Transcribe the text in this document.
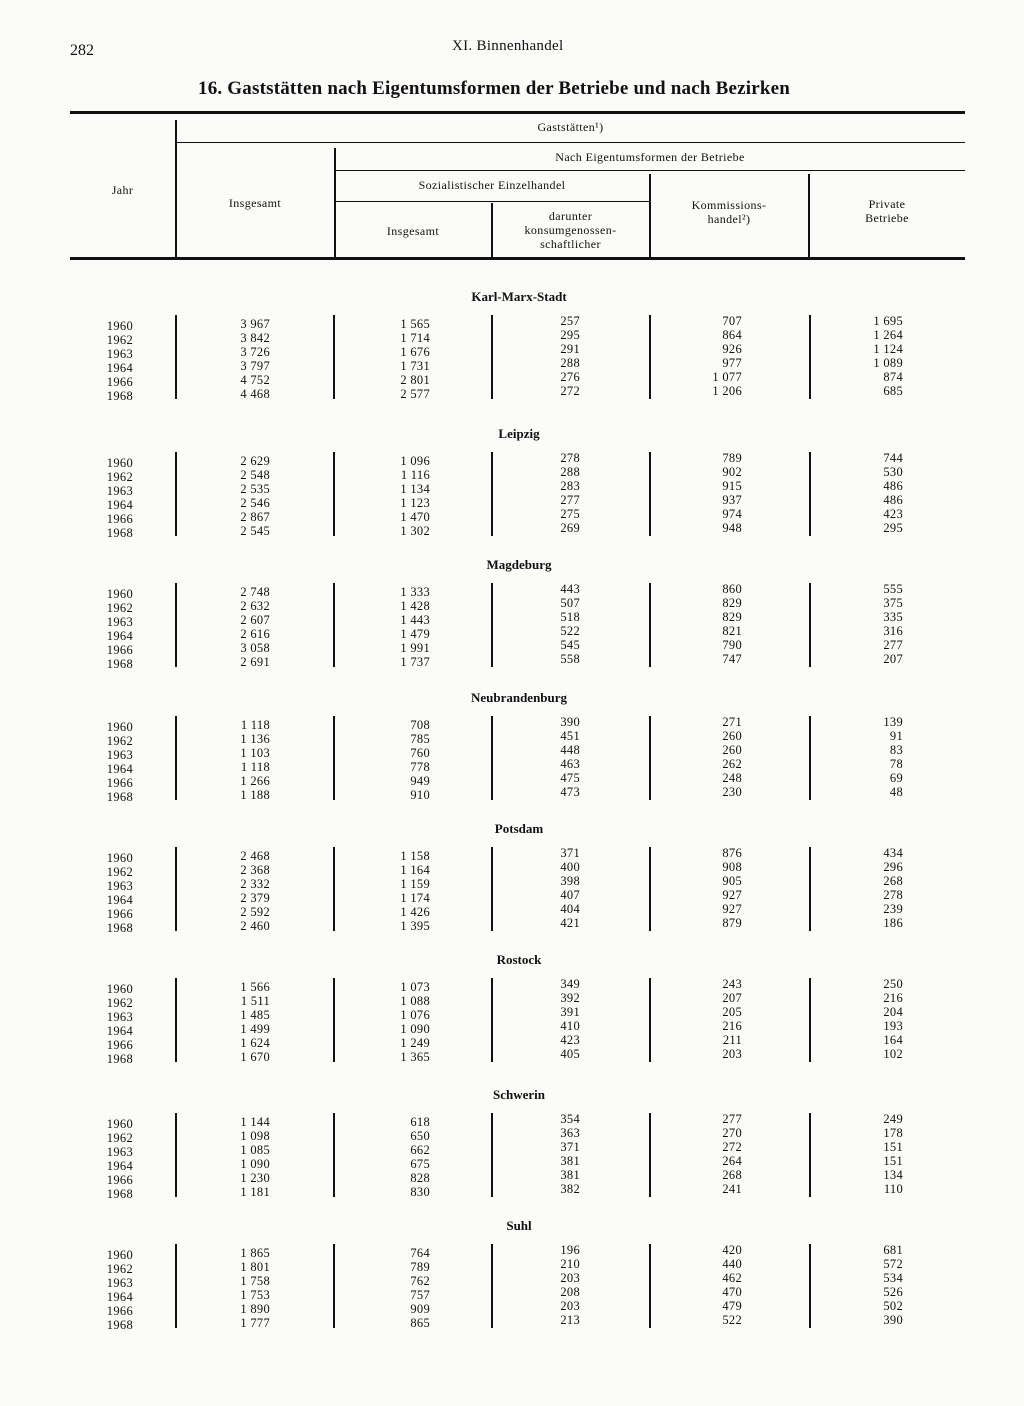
282	XI. Binnenhandel
16. Gaststätten nach Eigentumsformen der Betriebe und nach Bezirken
Jahr
Gaststätten¹)
Insgesamt
Nach Eigentumsformen der Betriebe
Sozialistischer Einzelhandel
Insgesamt
darunter
konsumgenossen-
schaftlicher
Kommissions-
handel²)
Private
Betriebe
Karl-Marx-Stadt
1960	3 967	1 565	257	707	1 695
1962	3 842	1 714	295	864	1 264
1963	3 726	1 676	291	926	1 124
1964	3 797	1 731	288	977	1 089
1966	4 752	2 801	276	1 077	874
1968	4 468	2 577	272	1 206	685
Leipzig
1960	2 629	1 096	278	789	744
1962	2 548	1 116	288	902	530
1963	2 535	1 134	283	915	486
1964	2 546	1 123	277	937	486
1966	2 867	1 470	275	974	423
1968	2 545	1 302	269	948	295
Magdeburg
1960	2 748	1 333	443	860	555
1962	2 632	1 428	507	829	375
1963	2 607	1 443	518	829	335
1964	2 616	1 479	522	821	316
1966	3 058	1 991	545	790	277
1968	2 691	1 737	558	747	207
Neubrandenburg
1960	1 118	708	390	271	139
1962	1 136	785	451	260	91
1963	1 103	760	448	260	83
1964	1 118	778	463	262	78
1966	1 266	949	475	248	69
1968	1 188	910	473	230	48
Potsdam
1960	2 468	1 158	371	876	434
1962	2 368	1 164	400	908	296
1963	2 332	1 159	398	905	268
1964	2 379	1 174	407	927	278
1966	2 592	1 426	404	927	239
1968	2 460	1 395	421	879	186
Rostock
1960	1 566	1 073	349	243	250
1962	1 511	1 088	392	207	216
1963	1 485	1 076	391	205	204
1964	1 499	1 090	410	216	193
1966	1 624	1 249	423	211	164
1968	1 670	1 365	405	203	102
Schwerin
1960	1 144	618	354	277	249
1962	1 098	650	363	270	178
1963	1 085	662	371	272	151
1964	1 090	675	381	264	151
1966	1 230	828	381	268	134
1968	1 181	830	382	241	110
Suhl
1960	1 865	764	196	420	681
1962	1 801	789	210	440	572
1963	1 758	762	203	462	534
1964	1 753	757	208	470	526
1966	1 890	909	203	479	502
1968	1 777	865	213	522	390
